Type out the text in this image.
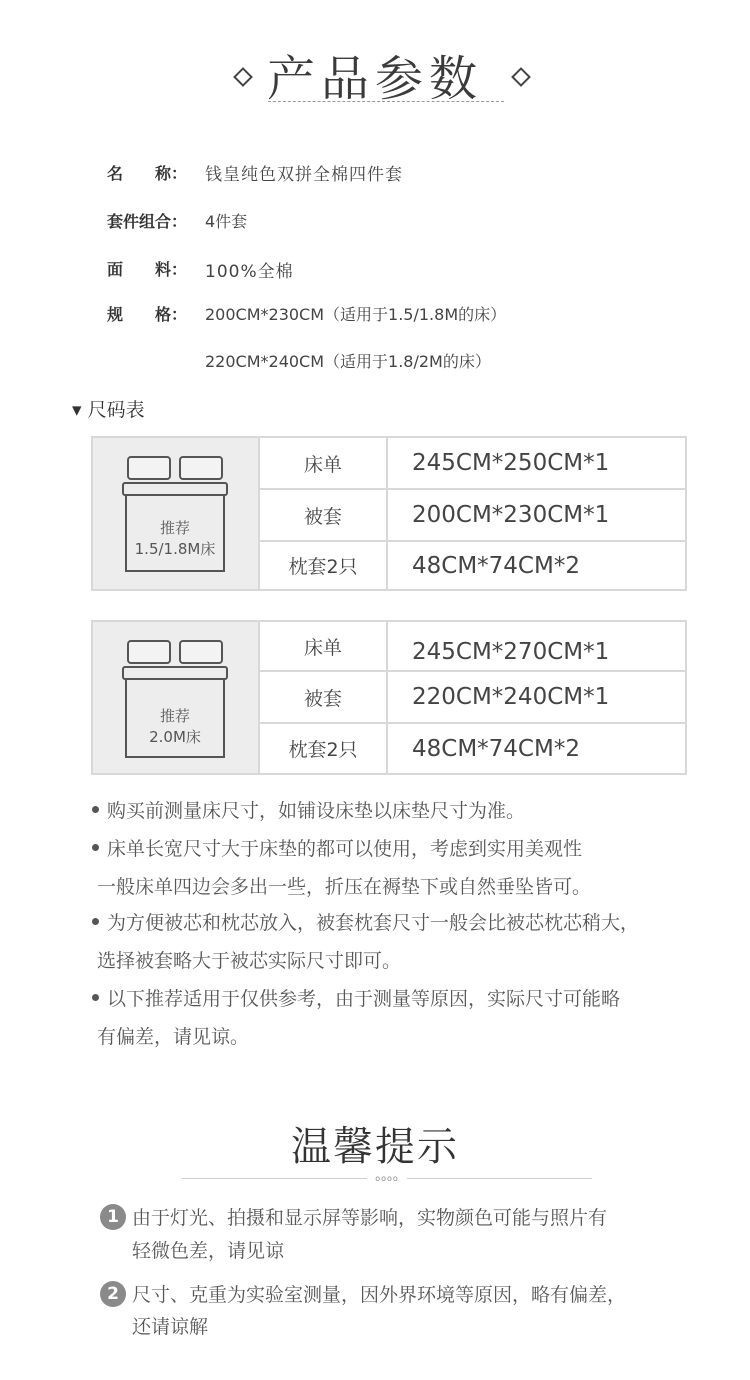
产品参数
名　　称： 钱皇纯色双拼全棉四件套
套件组合： 4件套
面　　料： 100%全棉
规　　格： 200CM*230CM（适用于1.5/1.8M的床）
220CM*240CM（适用于1.8/2M的床）
▾ 尺码表
推荐
1.5/1.8M床
床单	245CM*250CM*1
被套	200CM*230CM*1
枕套2只	48CM*74CM*2
推荐
2.0M床
床单	245CM*270CM*1
被套	220CM*240CM*1
枕套2只	48CM*74CM*2
购买前测量床尺寸，如铺设床垫以床垫尺寸为准。
床单长宽尺寸大于床垫的都可以使用，考虑到实用美观性
一般床单四边会多出一些，折压在褥垫下或自然垂坠皆可。
为方便被芯和枕芯放入，被套枕套尺寸一般会比被芯枕芯稍大，
选择被套略大于被芯实际尺寸即可。
以下推荐适用于仅供参考，由于测量等原因，实际尺寸可能略
有偏差，请见谅。
温馨提示
oooo
1 由于灯光、拍摄和显示屏等影响，实物颜色可能与照片有
轻微色差，请见谅
2 尺寸、克重为实验室测量，因外界环境等原因，略有偏差，
还请谅解
